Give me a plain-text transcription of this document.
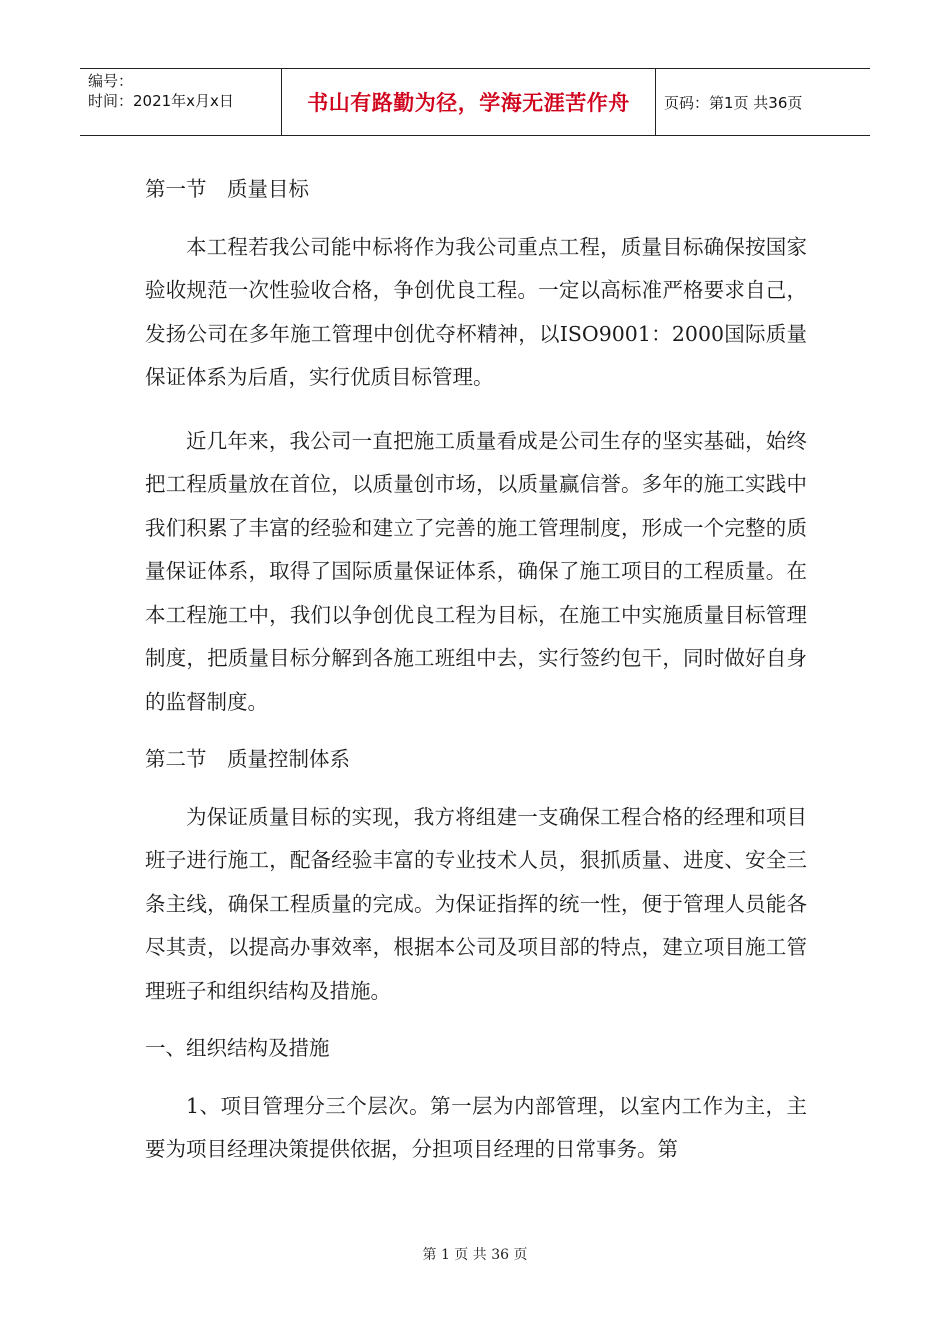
编号：
时间：2021年x月x日	书山有路勤为径，学海无涯苦作舟	页码：第1页 共36页

第一节　质量目标

本工程若我公司能中标将作为我公司重点工程，质量目标确保按国家验收规范一次性验收合格，争创优良工程。一定以高标准严格要求自己，发扬公司在多年施工管理中创优夺杯精神，以ISO9001：2000国际质量保证体系为后盾，实行优质目标管理。

近几年来，我公司一直把施工质量看成是公司生存的坚实基础，始终把工程质量放在首位，以质量创市场，以质量赢信誉。多年的施工实践中我们积累了丰富的经验和建立了完善的施工管理制度，形成一个完整的质量保证体系，取得了国际质量保证体系，确保了施工项目的工程质量。在本工程施工中，我们以争创优良工程为目标，在施工中实施质量目标管理制度，把质量目标分解到各施工班组中去，实行签约包干，同时做好自身的监督制度。

第二节　质量控制体系

为保证质量目标的实现，我方将组建一支确保工程合格的经理和项目班子进行施工，配备经验丰富的专业技术人员，狠抓质量、进度、安全三条主线，确保工程质量的完成。为保证指挥的统一性，便于管理人员能各尽其责，以提高办事效率，根据本公司及项目部的特点，建立项目施工管理班子和组织结构及措施。

一、组织结构及措施

1、项目管理分三个层次。第一层为内部管理，以室内工作为主，主要为项目经理决策提供依据，分担项目经理的日常事务。第

第 1 页 共 36 页
